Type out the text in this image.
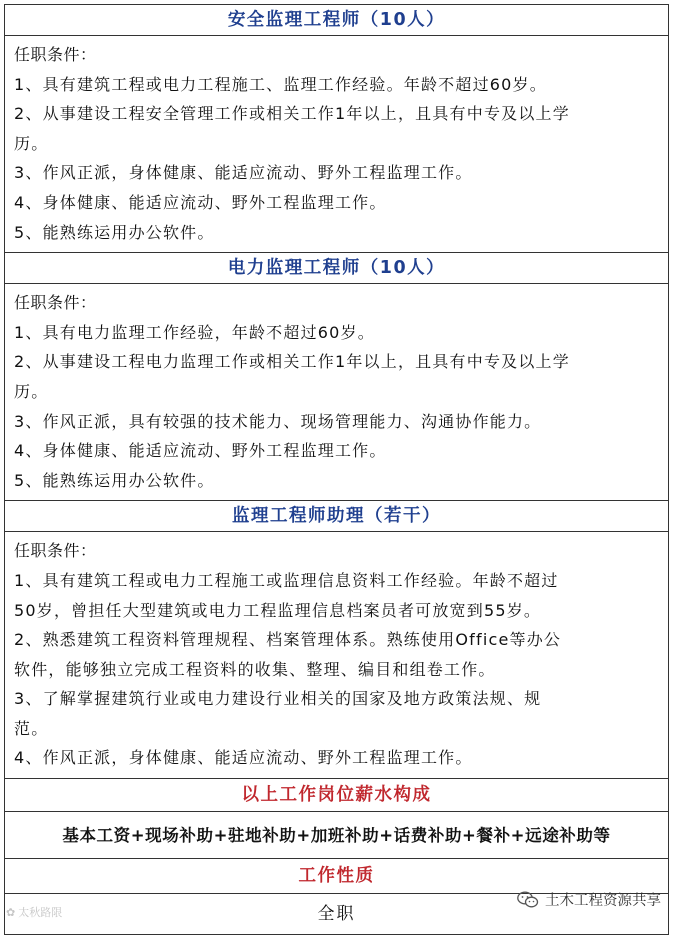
安全监理工程师（10人）

任职条件：

1、具有建筑工程或电力工程施工、监理工作经验。年龄不超过60岁。

2、从事建设工程安全管理工作或相关工作1年以上，且具有中专及以上学

历。

3、作风正派，身体健康、能适应流动、野外工程监理工作。

4、身体健康、能适应流动、野外工程监理工作。

5、能熟练运用办公软件。

电力监理工程师（10人）

任职条件：

1、具有电力监理工作经验，年龄不超过60岁。

2、从事建设工程电力监理工作或相关工作1年以上，且具有中专及以上学

历。

3、作风正派，具有较强的技术能力、现场管理能力、沟通协作能力。

4、身体健康、能适应流动、野外工程监理工作。

5、能熟练运用办公软件。

监理工程师助理（若干）

任职条件：

1、具有建筑工程或电力工程施工或监理信息资料工作经验。年龄不超过

50岁，曾担任大型建筑或电力工程监理信息档案员者可放宽到55岁。

2、熟悉建筑工程资料管理规程、档案管理体系。熟练使用Office等办公

软件，能够独立完成工程资料的收集、整理、编目和组卷工作。

3、了解掌握建筑行业或电力建设行业相关的国家及地方政策法规、规

范。

4、作风正派，身体健康、能适应流动、野外工程监理工作。

以上工作岗位薪水构成
基本工资+现场补助+驻地补助+加班补助+话费补助+餐补+远途补助等
工作性质
全职
✿ 太秋路限
土木工程资源共享
